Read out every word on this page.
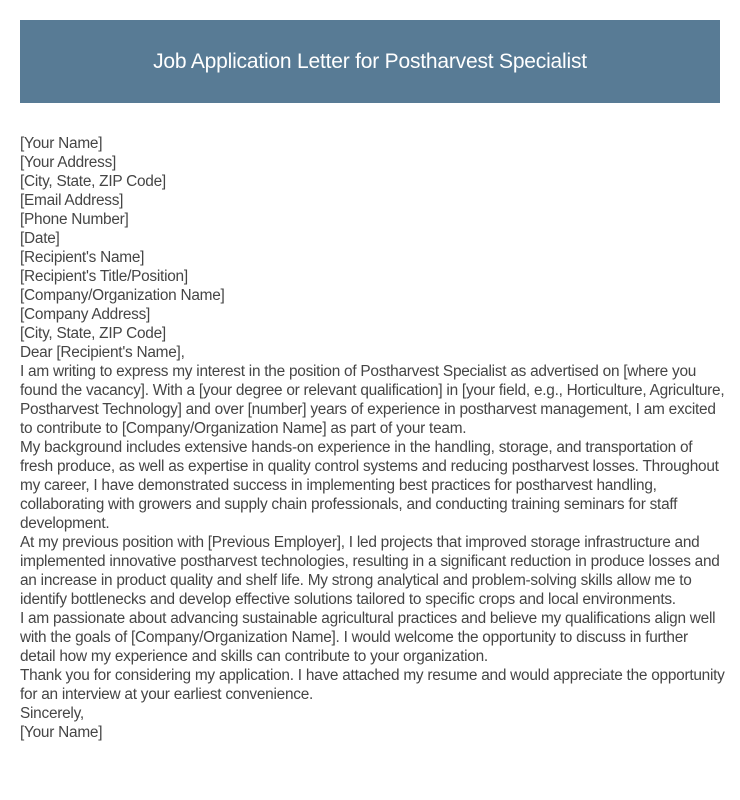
Job Application Letter for Postharvest Specialist
[Your Name]
[Your Address]
[City, State, ZIP Code]
[Email Address]
[Phone Number]
[Date]
[Recipient's Name]
[Recipient's Title/Position]
[Company/Organization Name]
[Company Address]
[City, State, ZIP Code]
Dear [Recipient's Name],
I am writing to express my interest in the position of Postharvest Specialist as advertised on [where you found the vacancy]. With a [your degree or relevant qualification] in [your field, e.g., Horticulture, Agriculture, Postharvest Technology] and over [number] years of experience in postharvest management, I am excited to contribute to [Company/Organization Name] as part of your team.
My background includes extensive hands-on experience in the handling, storage, and transportation of fresh produce, as well as expertise in quality control systems and reducing postharvest losses. Throughout my career, I have demonstrated success in implementing best practices for postharvest handling, collaborating with growers and supply chain professionals, and conducting training seminars for staff development.
At my previous position with [Previous Employer], I led projects that improved storage infrastructure and implemented innovative postharvest technologies, resulting in a significant reduction in produce losses and an increase in product quality and shelf life. My strong analytical and problem-solving skills allow me to identify bottlenecks and develop effective solutions tailored to specific crops and local environments.
I am passionate about advancing sustainable agricultural practices and believe my qualifications align well with the goals of [Company/Organization Name]. I would welcome the opportunity to discuss in further detail how my experience and skills can contribute to your organization.
Thank you for considering my application. I have attached my resume and would appreciate the opportunity for an interview at your earliest convenience.
Sincerely,
[Your Name]
